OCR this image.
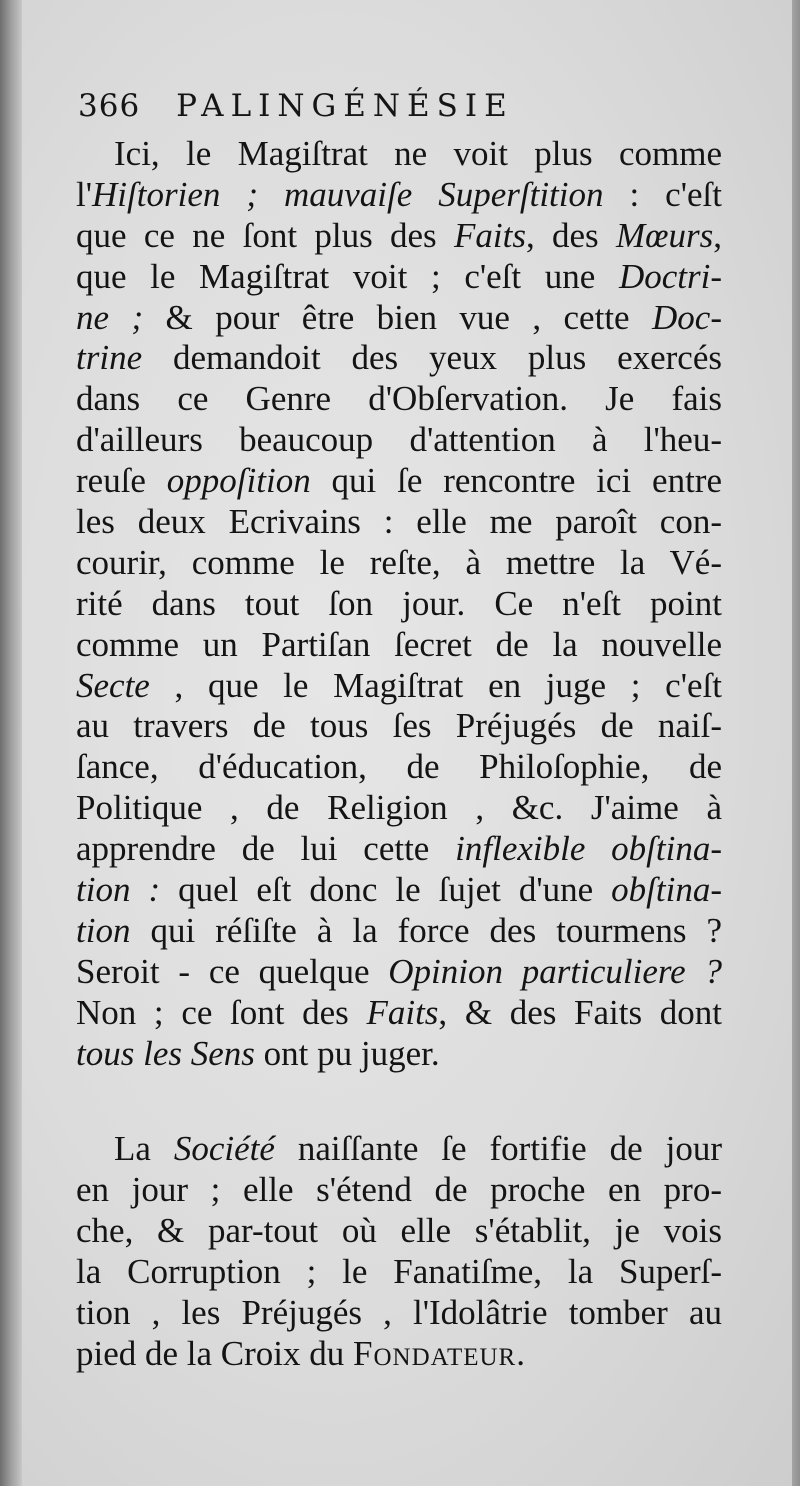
366 PALINGÉNÉSIE
Ici, le Magiſtrat ne voit plus comme
l'Hiſtorien ; mauvaiſe Superſtition : c'eſt
que ce ne ſont plus des Faits, des Mœurs,
que le Magiſtrat voit ; c'eſt une Doctri-
ne ; & pour être bien vue , cette Doc-
trine demandoit des yeux plus exercés
dans ce Genre d'Obſervation. Je fais
d'ailleurs beaucoup d'attention à l'heu-
reuſe oppoſition qui ſe rencontre ici entre
les deux Ecrivains : elle me paroît con-
courir, comme le reſte, à mettre la Vé-
rité dans tout ſon jour. Ce n'eſt point
comme un Partiſan ſecret de la nouvelle
Secte , que le Magiſtrat en juge ; c'eſt
au travers de tous ſes Préjugés de naiſ-
ſance, d'éducation, de Philoſophie, de
Politique , de Religion , &c. J'aime à
apprendre de lui cette inflexible obſtina-
tion : quel eſt donc le ſujet d'une obſtina-
tion qui réſiſte à la force des tourmens ?
Seroit - ce quelque Opinion particuliere ?
Non ; ce ſont des Faits, & des Faits dont
tous les Sens ont pu juger.
La Société naiſſante ſe fortifie de jour
en jour ; elle s'étend de proche en pro-
che, & par-tout où elle s'établit, je vois
la Corruption ; le Fanatiſme, la Superſ-
tion , les Préjugés , l'Idolâtrie tomber au
pied de la Croix du Fondateur.
